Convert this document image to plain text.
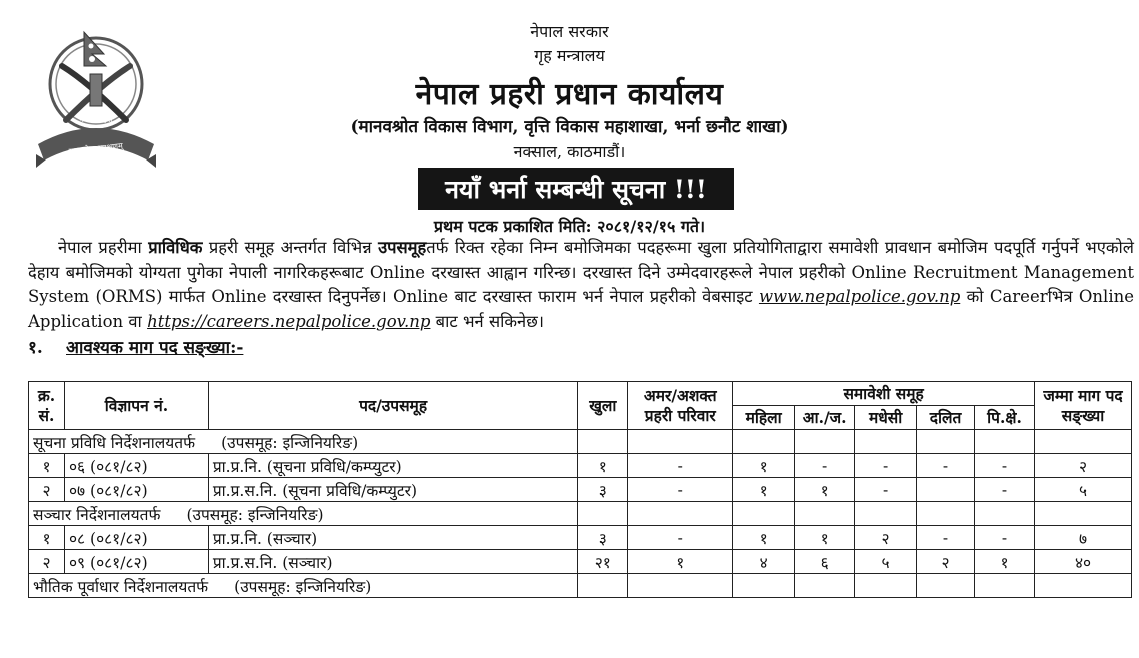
नेपाल प्रहरी
सत्य सेवा सुरक्षणम्
नेपाल सरकार
गृह मन्त्रालय
नेपाल प्रहरी प्रधान कार्यालय
(मानवश्रोत विकास विभाग, वृत्ति विकास महाशाखा, भर्ना छनौट शाखा)
नक्साल, काठमाडौं।
नयाँ भर्ना सम्बन्धी सूचना !!!
प्रथम पटक प्रकाशित मिति: २०८१/१२/१५ गते।
नेपाल प्रहरीमा प्राविधिक प्रहरी समूह अन्तर्गत विभिन्न उपसमूहतर्फ रिक्त रहेका निम्न बमोजिमका पदहरूमा खुला प्रतियोगिताद्वारा समावेशी प्रावधान बमोजिम पदपूर्ति गर्नुपर्ने भएकोले देहाय बमोजिमको योग्यता पुगेका नेपाली नागरिकहरूबाट Online दरखास्त आह्वान गरिन्छ। दरखास्त दिने उम्मेदवारहरूले नेपाल प्रहरीको Online Recruitment Management System (ORMS) मार्फत Online दरखास्त दिनुपर्नेछ। Online बाट दरखास्त फाराम भर्न नेपाल प्रहरीको वेबसाइट www.nepalpolice.gov.np को Careerभित्र Online Application वा https://careers.nepalpolice.gov.np बाट भर्न सकिनेछ।
१. आवश्यक माग पद सङ्ख्या:-
क्र. सं.	विज्ञापन नं.	पद/उपसमूह	खुला	अमर/अशक्त प्रहरी परिवार	समावेशी समूह					जम्मा माग पद सङ्ख्या
					महिला	आ./ज.	मधेसी	दलित	पि.क्षे.	
सूचना प्रविधि निर्देशनालयतर्फ (उपसमूह: इन्जिनियरिङ)										
१	०६ (०८१/८२)	प्रा.प्र.नि. (सूचना प्रविधि/कम्प्युटर)	१	-	१	-	-	-	-	२
२	०७ (०८१/८२)	प्रा.प्र.स.नि. (सूचना प्रविधि/कम्प्युटर)	३	-	१	१	-		-	५
सञ्चार निर्देशनालयतर्फ (उपसमूह: इन्जिनियरिङ)										
१	०८ (०८१/८२)	प्रा.प्र.नि. (सञ्चार)	३	-	१	१	२	-	-	७
२	०९ (०८१/८२)	प्रा.प्र.स.नि. (सञ्चार)	२१	१	४	६	५	२	१	४०
भौतिक पूर्वाधार निर्देशनालयतर्फ (उपसमूह: इन्जिनियरिङ)										
